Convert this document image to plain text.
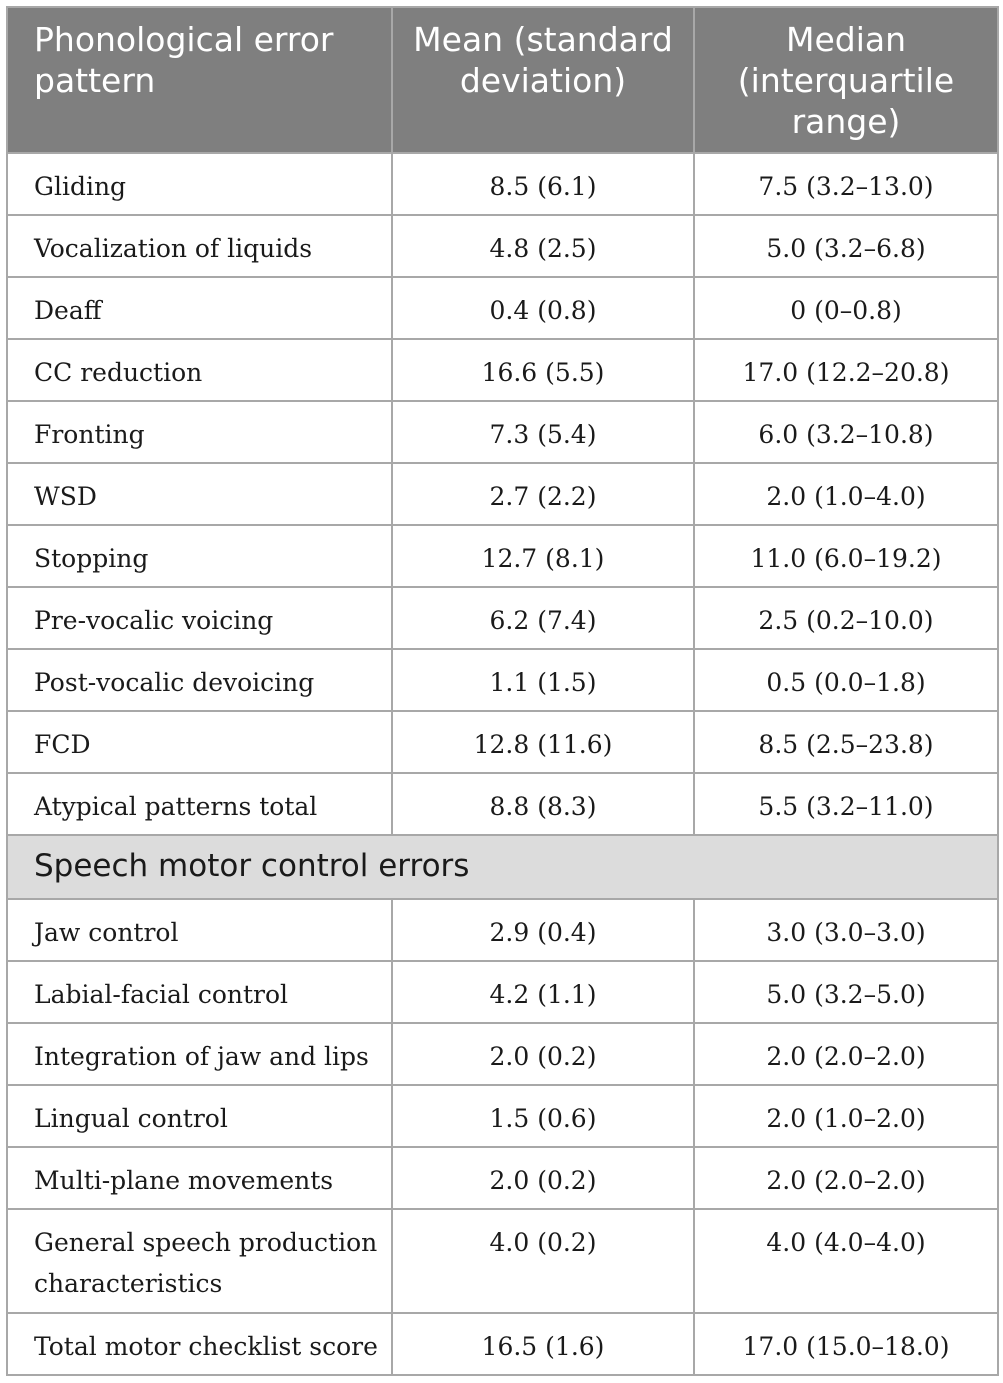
Phonological error pattern	Mean (standard deviation)	Median (interquartile range)
Gliding	8.5 (6.1)	7.5 (3.2–13.0)
Vocalization of liquids	4.8 (2.5)	5.0 (3.2–6.8)
Deaff	0.4 (0.8)	0 (0–0.8)
CC reduction	16.6 (5.5)	17.0 (12.2–20.8)
Fronting	7.3 (5.4)	6.0 (3.2–10.8)
WSD	2.7 (2.2)	2.0 (1.0–4.0)
Stopping	12.7 (8.1)	11.0 (6.0–19.2)
Pre-vocalic voicing	6.2 (7.4)	2.5 (0.2–10.0)
Post-vocalic devoicing	1.1 (1.5)	0.5 (0.0–1.8)
FCD	12.8 (11.6)	8.5 (2.5–23.8)
Atypical patterns total	8.8 (8.3)	5.5 (3.2–11.0)
Speech motor control errors		
Jaw control	2.9 (0.4)	3.0 (3.0–3.0)
Labial-facial control	4.2 (1.1)	5.0 (3.2–5.0)
Integration of jaw and lips	2.0 (0.2)	2.0 (2.0–2.0)
Lingual control	1.5 (0.6)	2.0 (1.0–2.0)
Multi-plane movements	2.0 (0.2)	2.0 (2.0–2.0)
General speech production characteristics	4.0 (0.2)	4.0 (4.0–4.0)
Total motor checklist score	16.5 (1.6)	17.0 (15.0–18.0)
